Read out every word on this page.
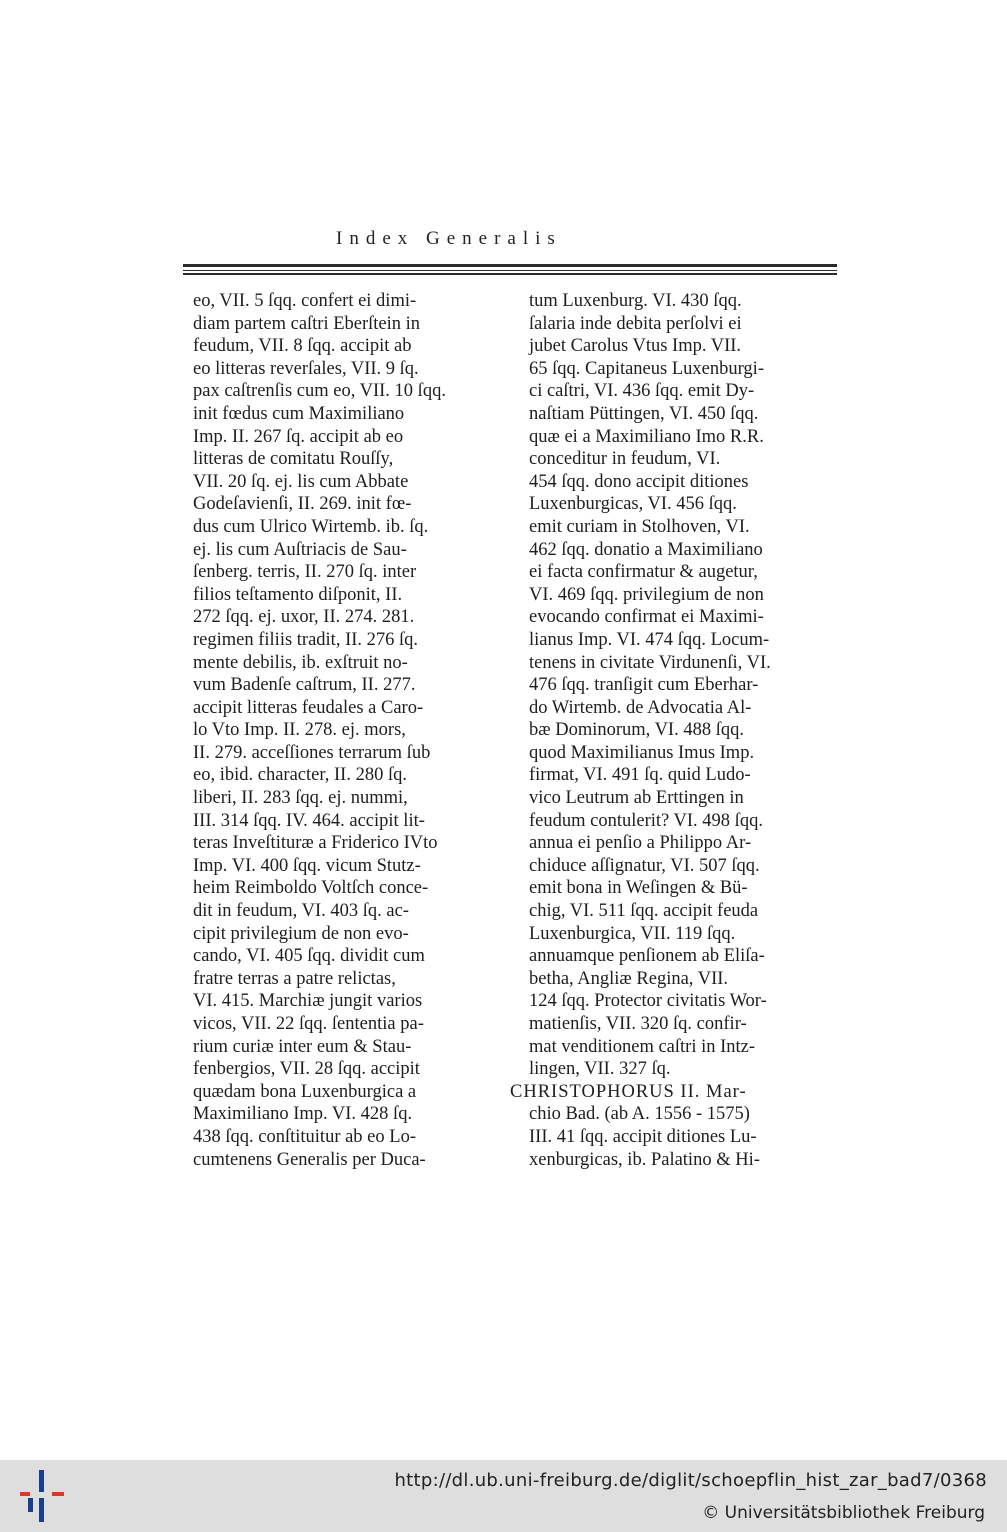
Index Generalis
eo, VII. 5 ſqq. confert ei dimi-
diam partem caſtri Eberſtein in
feudum, VII. 8 ſqq. accipit ab
eo litteras reverſales, VII. 9 ſq.
pax caſtrenſis cum eo, VII. 10 ſqq.
init fœdus cum Maximiliano
Imp. II. 267 ſq. accipit ab eo
litteras de comitatu Rouſſy,
VII. 20 ſq. ej. lis cum Abbate
Godeſavienſi, II. 269. init fœ-
dus cum Ulrico Wirtemb. ib. ſq.
ej. lis cum Auſtriacis de Sau-
ſenberg. terris, II. 270 ſq. inter
filios teſtamento diſponit, II.
272 ſqq. ej. uxor, II. 274. 281.
regimen filiis tradit, II. 276 ſq.
mente debilis, ib. exſtruit no-
vum Badenſe caſtrum, II. 277.
accipit litteras feudales a Caro-
lo Vto Imp. II. 278. ej. mors,
II. 279. acceſſiones terrarum ſub
eo, ibid. character, II. 280 ſq.
liberi, II. 283 ſqq. ej. nummi,
III. 314 ſqq. IV. 464. accipit lit-
teras Inveſtituræ a Friderico IVto
Imp. VI. 400 ſqq. vicum Stutz-
heim Reimboldo Voltſch conce-
dit in feudum, VI. 403 ſq. ac-
cipit privilegium de non evo-
cando, VI. 405 ſqq. dividit cum
fratre terras a patre relictas,
VI. 415. Marchiæ jungit varios
vicos, VII. 22 ſqq. ſententia pa-
rium curiæ inter eum & Stau-
fenbergios, VII. 28 ſqq. accipit
quædam bona Luxenburgica a
Maximiliano Imp. VI. 428 ſq.
438 ſqq. conſtituitur ab eo Lo-
cumtenens Generalis per Duca-
tum Luxenburg. VI. 430 ſqq.
ſalaria inde debita perſolvi ei
jubet Carolus Vtus Imp. VII.
65 ſqq. Capitaneus Luxenburgi-
ci caſtri, VI. 436 ſqq. emit Dy-
naſtiam Püttingen, VI. 450 ſqq.
quæ ei a Maximiliano Imo R.R.
conceditur in feudum, VI.
454 ſqq. dono accipit ditiones
Luxenburgicas, VI. 456 ſqq.
emit curiam in Stolhoven, VI.
462 ſqq. donatio a Maximiliano
ei facta confirmatur & augetur,
VI. 469 ſqq. privilegium de non
evocando confirmat ei Maximi-
lianus Imp. VI. 474 ſqq. Locum-
tenens in civitate Virdunenſi, VI.
476 ſqq. tranſigit cum Eberhar-
do Wirtemb. de Advocatia Al-
bæ Dominorum, VI. 488 ſqq.
quod Maximilianus Imus Imp.
firmat, VI. 491 ſq. quid Ludo-
vico Leutrum ab Erttingen in
feudum contulerit? VI. 498 ſqq.
annua ei penſio a Philippo Ar-
chiduce aſſignatur, VI. 507 ſqq.
emit bona in Weſingen & Bü-
chig, VI. 511 ſqq. accipit feuda
Luxenburgica, VII. 119 ſqq.
annuamque penſionem ab Eliſa-
betha, Angliæ Regina, VII.
124 ſqq. Protector civitatis Wor-
matienſis, VII. 320 ſq. confir-
mat venditionem caſtri in Intz-
lingen, VII. 327 ſq.
CHRISTOPHORUS II. Mar-
chio Bad. (ab A. 1556 - 1575)
III. 41 ſqq. accipit ditiones Lu-
xenburgicas, ib. Palatino & Hi-
http://dl.ub.uni-freiburg.de/diglit/schoepflin_hist_zar_bad7/0368
© Universitätsbibliothek Freiburg
